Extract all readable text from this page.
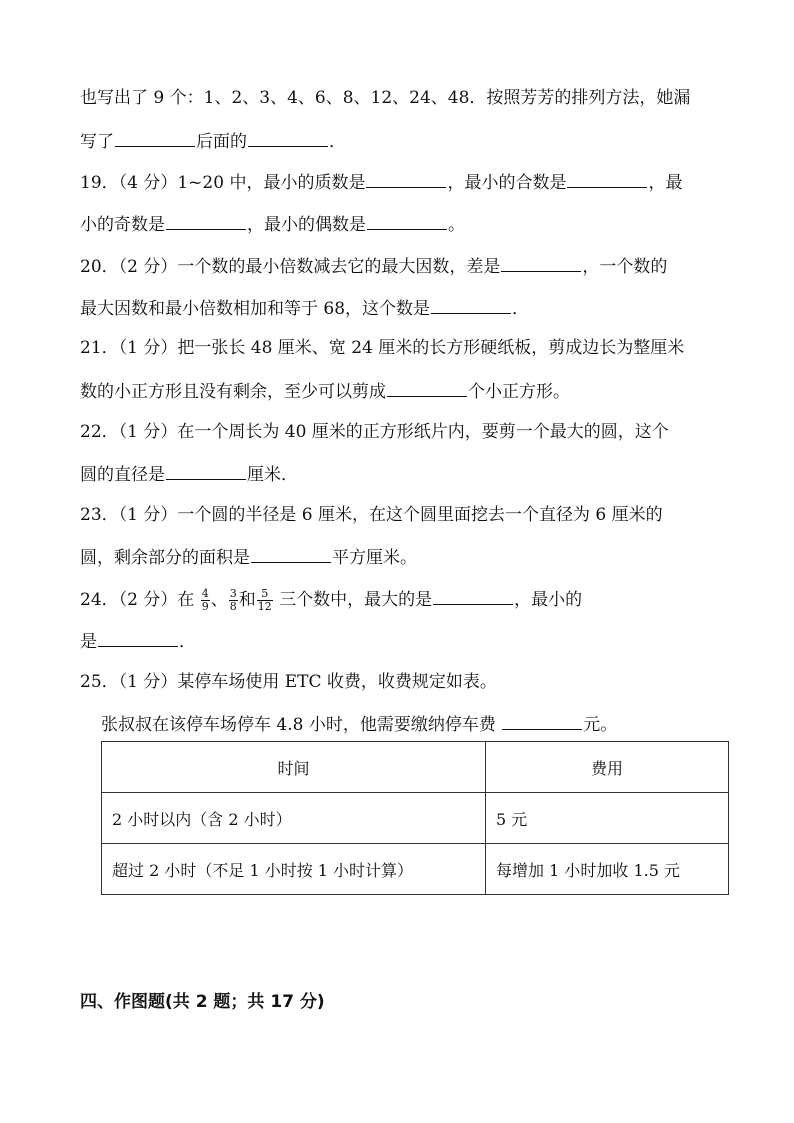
也写出了 9 个：1、2、3、4、6、8、12、24、48．按照芳芳的排列方法，她漏
写了	后面的	．
19．（4 分）1~20 中，最小的质数是	，最小的合数是	，最
小的奇数是	，最小的偶数是	。
20．（2 分）一个数的最小倍数减去它的最大因数，差是	，一个数的
最大因数和最小倍数相加和等于 68，这个数是	．
21．（1 分）把一张长 48 厘米、宽 24 厘米的长方形硬纸板，剪成边长为整厘米
数的小正方形且没有剩余，至少可以剪成	个小正方形。
22．（1 分）在一个周长为 40 厘米的正方形纸片内，要剪一个最大的圆，这个
圆的直径是	厘米．
23．（1 分）一个圆的半径是 6 厘米，在这个圆里面挖去一个直径为 6 厘米的
圆，剩余部分的面积是	平方厘米。
24．（2 分）在 $\frac{4}{9}$ 、 $\frac{3}{8}$ 和 $\frac{5}{12}$ 三个数中，最大的是	，最小的
是	．
25．（1 分）某停车场使用 ETC 收费，收费规定如表。
张叔叔在该停车场停车 4.8 小时，他需要缴纳停车费	元。
时间	费用
2 小时以内（含 2 小时）	5 元
超过 2 小时（不足 1 小时按 1 小时计算）	每增加 1 小时加收 1.5 元
四、作图题(共 2 题；共 17 分)
